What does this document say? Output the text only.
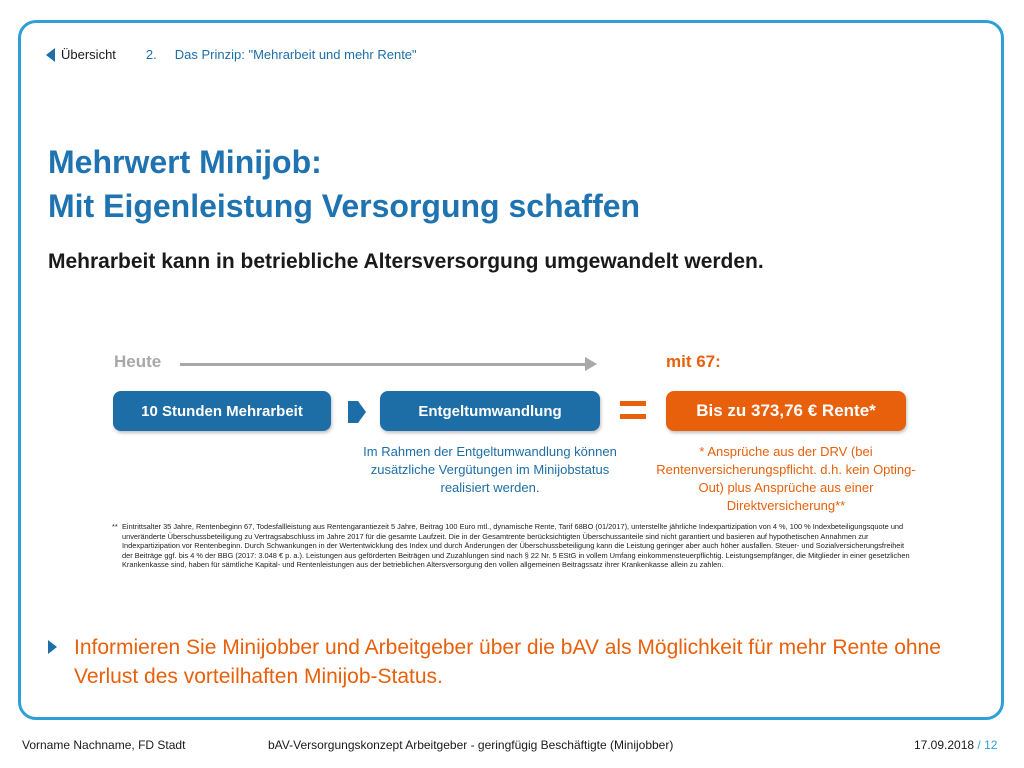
Übersicht 2. Das Prinzip: "Mehrarbeit und mehr Rente"
Mehrwert Minijob:
Mit Eigenleistung Versorgung schaffen
Mehrarbeit kann in betriebliche Altersversorgung umgewandelt werden.
Heute	mit 67:
10 Stunden Mehrarbeit	Entgeltumwandlung	Bis zu 373,76 € Rente*
Im Rahmen der Entgeltumwandlung können zusätzliche Vergütungen im Minijobstatus realisiert werden.
* Ansprüche aus der DRV (bei Rentenversicherungspflicht. d.h. kein Opting-Out) plus Ansprüche aus einer Direktversicherung**
** Eintrittsalter 35 Jahre, Rentenbeginn 67, Todesfallleistung aus Rentengarantiezeit 5 Jahre, Beitrag 100 Euro mtl., dynamische Rente, Tarif 68BO (01/2017), unterstellte jährliche Indexpartizipation von 4 %, 100 % Indexbeteiligungsquote und unveränderte Überschussbeteiligung zu Vertragsabschluss im Jahre 2017 für die gesamte Laufzeit. Die in der Gesamtrente berücksichtigten Überschussanteile sind nicht garantiert und basieren auf hypothetischen Annahmen zur Indexpartizipation vor Rentenbeginn. Durch Schwankungen in der Wertentwicklung des Index und durch Änderungen der Überschussbeteiligung kann die Leistung geringer aber auch höher ausfallen. Steuer- und Sozialversicherungsfreiheit der Beiträge ggf. bis 4 % der BBG (2017: 3.048 € p. a.). Leistungen aus geförderten Beiträgen und Zuzahlungen sind nach § 22 Nr. 5 EStG in vollem Umfang einkommensteuerpflichtig. Leistungsempfänger, die Mitglieder in einer gesetzlichen Krankenkasse sind, haben für sämtliche Kapital- und Rentenleistungen aus der betrieblichen Altersversorgung den vollen allgemeinen Beitragssatz ihrer Krankenkasse allein zu zahlen.
Informieren Sie Minijobber und Arbeitgeber über die bAV als Möglichkeit für mehr Rente ohne Verlust des vorteilhaften Minijob-Status.
Vorname Nachname, FD Stadt	bAV-Versorgungskonzept Arbeitgeber - geringfügig Beschäftigte (Minijobber)	17.09.2018 / 12
